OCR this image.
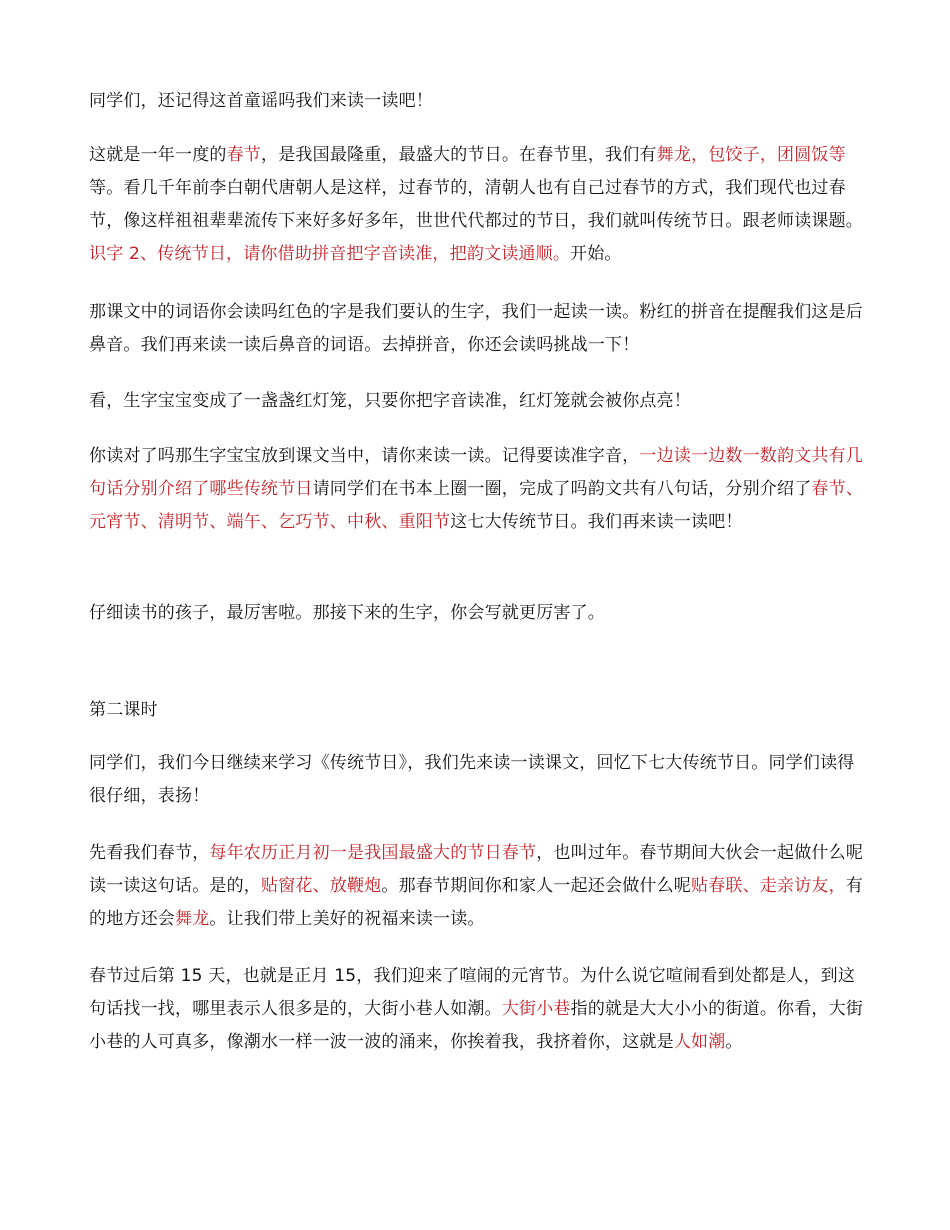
同学们，还记得这首童谣吗我们来读一读吧！

这就是一年一度的春节，是我国最隆重，最盛大的节日。在春节里，我们有舞龙，包饺子，团圆饭等等。看几千年前李白朝代唐朝人是这样，过春节的，清朝人也有自己过春节的方式，我们现代也过春节，像这样祖祖辈辈流传下来好多好多年，世世代代都过的节日，我们就叫传统节日。跟老师读课题。识字 2、传统节日，请你借助拼音把字音读准，把韵文读通顺。开始。

那课文中的词语你会读吗红色的字是我们要认的生字，我们一起读一读。粉红的拼音在提醒我们这是后鼻音。我们再来读一读后鼻音的词语。去掉拼音，你还会读吗挑战一下！

看，生字宝宝变成了一盏盏红灯笼，只要你把字音读准，红灯笼就会被你点亮！

你读对了吗那生字宝宝放到课文当中，请你来读一读。记得要读准字音，一边读一边数一数韵文共有几句话分别介绍了哪些传统节日请同学们在书本上圈一圈，完成了吗韵文共有八句话，分别介绍了春节、元宵节、清明节、端午、乞巧节、中秋、重阳节这七大传统节日。我们再来读一读吧！

仔细读书的孩子，最厉害啦。那接下来的生字，你会写就更厉害了。

第二课时

同学们，我们今日继续来学习《传统节日》，我们先来读一读课文，回忆下七大传统节日。同学们读得很仔细，表扬！

先看我们春节，每年农历正月初一是我国最盛大的节日春节，也叫过年。春节期间大伙会一起做什么呢读一读这句话。是的，贴窗花、放鞭炮。那春节期间你和家人一起还会做什么呢贴春联、走亲访友，有的地方还会舞龙。让我们带上美好的祝福来读一读。

春节过后第 15 天，也就是正月 15，我们迎来了喧闹的元宵节。为什么说它喧闹看到处都是人，到这句话找一找，哪里表示人很多是的，大街小巷人如潮。大街小巷指的就是大大小小的街道。你看，大街小巷的人可真多，像潮水一样一波一波的涌来，你挨着我，我挤着你，这就是人如潮。
